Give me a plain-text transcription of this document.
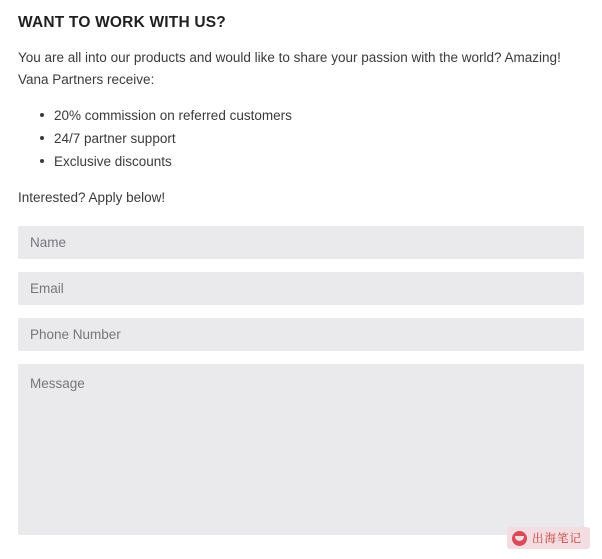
WANT TO WORK WITH US?

You are all into our products and would like to share your passion with the world? Amazing! Vana Partners receive:

20% commission on referred customers
24/7 partner support
Exclusive discounts

Interested? Apply below!

Name
Email
Phone Number
Message
出海笔记
